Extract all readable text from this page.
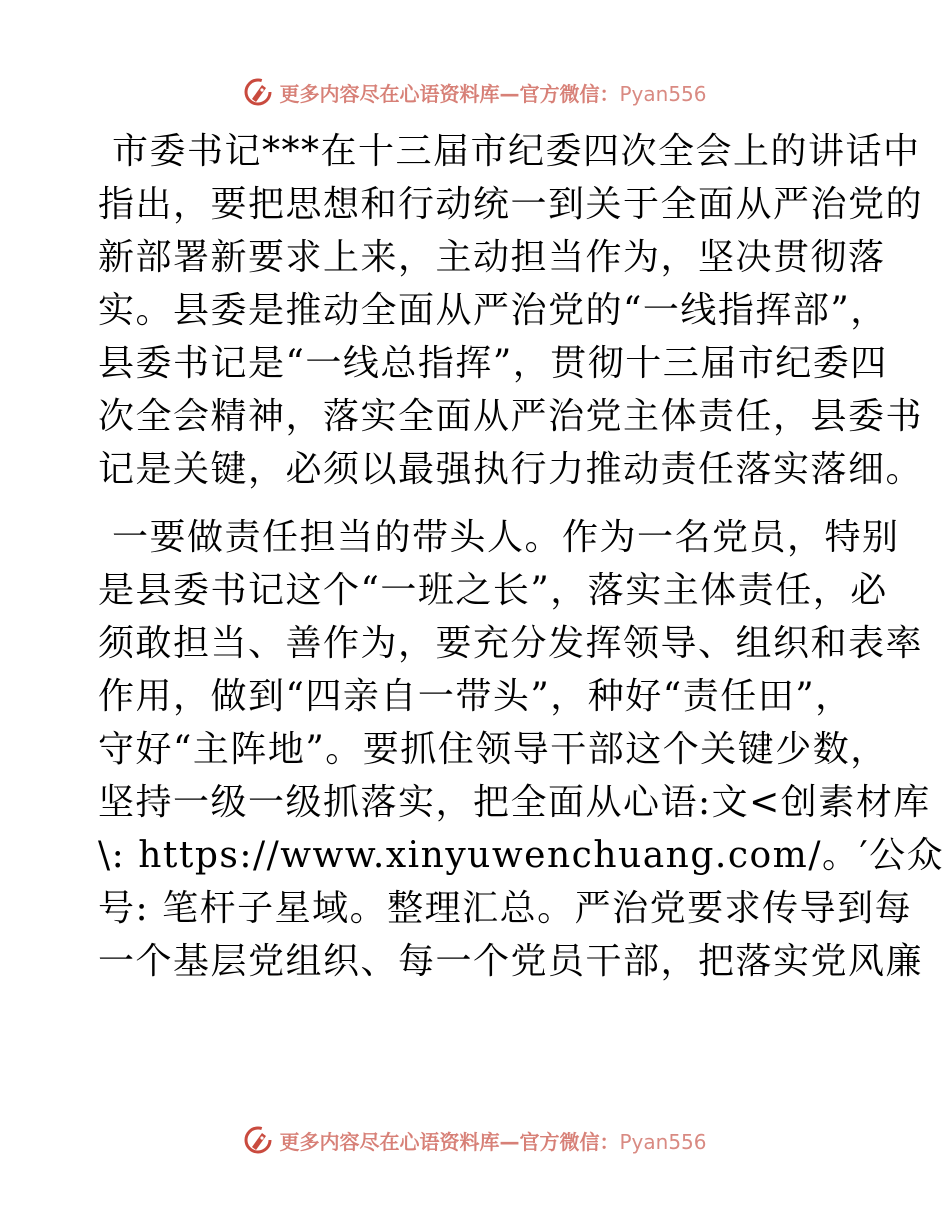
更多内容尽在心语资料库—官方微信：Pyan556

市委书记***在十三届市纪委四次全会上的讲话中
指出，要把思想和行动统一到关于全面从严治党的
新部署新要求上来，主动担当作为，坚决贯彻落
实。县委是推动全面从严治党的“一线指挥部”，
县委书记是“一线总指挥”，贯彻十三届市纪委四
次全会精神，落实全面从严治党主体责任，县委书
记是关键，必须以最强执行力推动责任落实落细。

一要做责任担当的带头人。作为一名党员，特别
是县委书记这个“一班之长”，落实主体责任，必
须敢担当、善作为，要充分发挥领导、组织和表率
作用，做到“四亲自一带头”，种好“责任田”，
守好“主阵地”。要抓住领导干部这个关键少数，
坚持一级一级抓落实，把全面从心语:文<创素材库
\: https://www.xinyuwenchuang.com/。′公众
号: 笔杆子星域。整理汇总。严治党要求传导到每
一个基层党组织、每一个党员干部，把落实党风廉

更多内容尽在心语资料库—官方微信：Pyan556
